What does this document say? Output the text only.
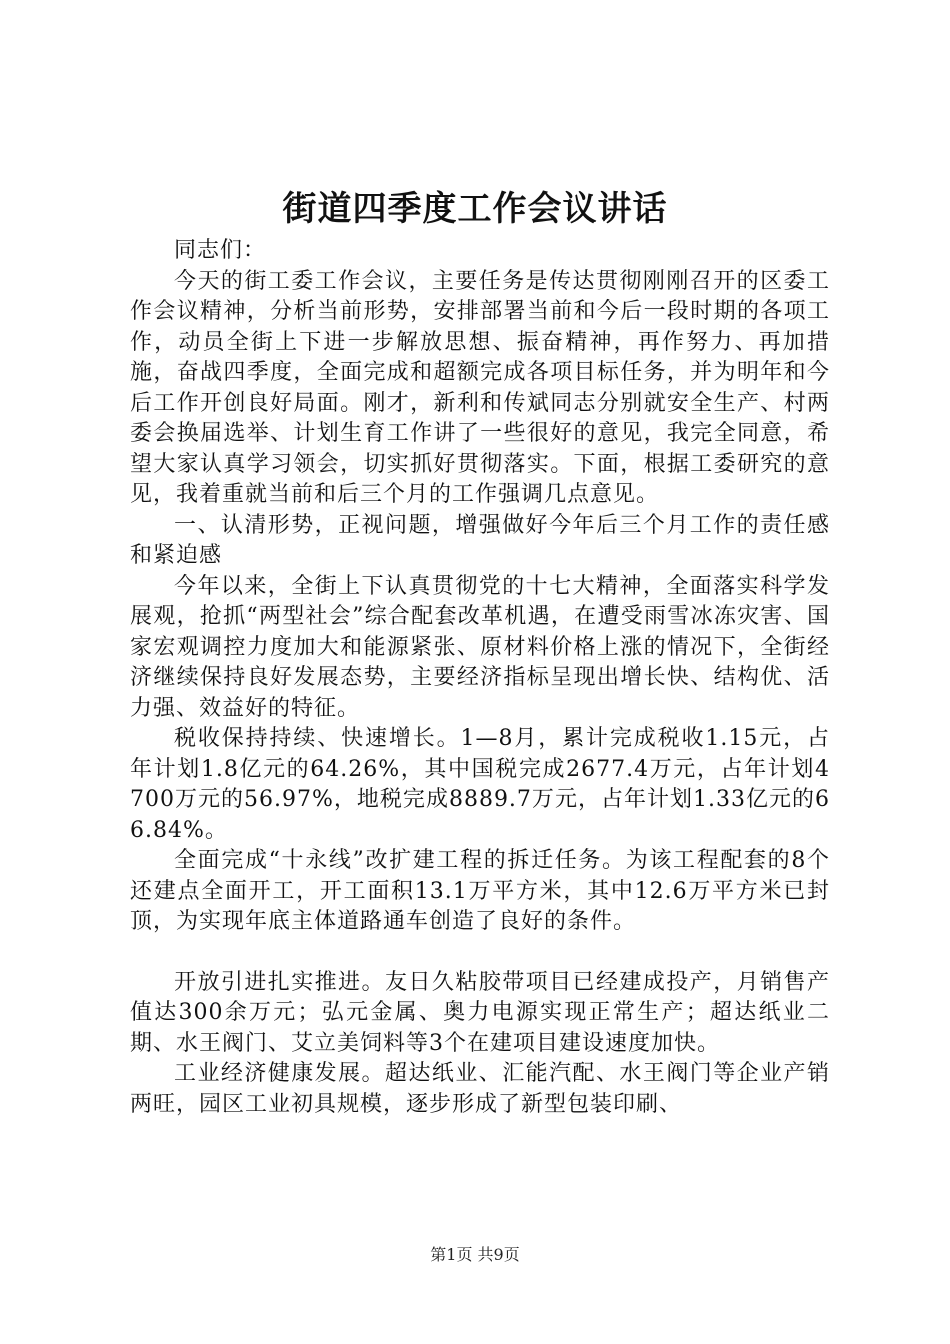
街道四季度工作会议讲话

同志们：

今天的街工委工作会议，主要任务是传达贯彻刚刚召开的区委工作会议精神，分析当前形势，安排部署当前和今后一段时期的各项工作，动员全街上下进一步解放思想、振奋精神，再作努力、再加措施，奋战四季度，全面完成和超额完成各项目标任务，并为明年和今后工作开创良好局面。刚才，新利和传斌同志分别就安全生产、村两委会换届选举、计划生育工作讲了一些很好的意见，我完全同意，希望大家认真学习领会，切实抓好贯彻落实。下面，根据工委研究的意见，我着重就当前和后三个月的工作强调几点意见。

一、认清形势，正视问题，增强做好今年后三个月工作的责任感和紧迫感

今年以来，全街上下认真贯彻党的十七大精神，全面落实科学发展观，抢抓“两型社会”综合配套改革机遇，在遭受雨雪冰冻灾害、国家宏观调控力度加大和能源紧张、原材料价格上涨的情况下，全街经济继续保持良好发展态势，主要经济指标呈现出增长快、结构优、活力强、效益好的特征。

税收保持持续、快速增长。1—8月，累计完成税收1.15元，占年计划1.8亿元的64.26%，其中国税完成2677.4万元，占年计划4700万元的56.97%，地税完成8889.7万元，占年计划1.33亿元的66.84%。

全面完成“十永线”改扩建工程的拆迁任务。为该工程配套的8个还建点全面开工，开工面积13.1万平方米，其中12.6万平方米已封顶，为实现年底主体道路通车创造了良好的条件。

开放引进扎实推进。友日久粘胶带项目已经建成投产，月销售产值达300余万元；弘元金属、奥力电源实现正常生产；超达纸业二期、水王阀门、艾立美饲料等3个在建项目建设速度加快。

工业经济健康发展。超达纸业、汇能汽配、水王阀门等企业产销两旺，园区工业初具规模，逐步形成了新型包装印刷、

第1页 共9页
